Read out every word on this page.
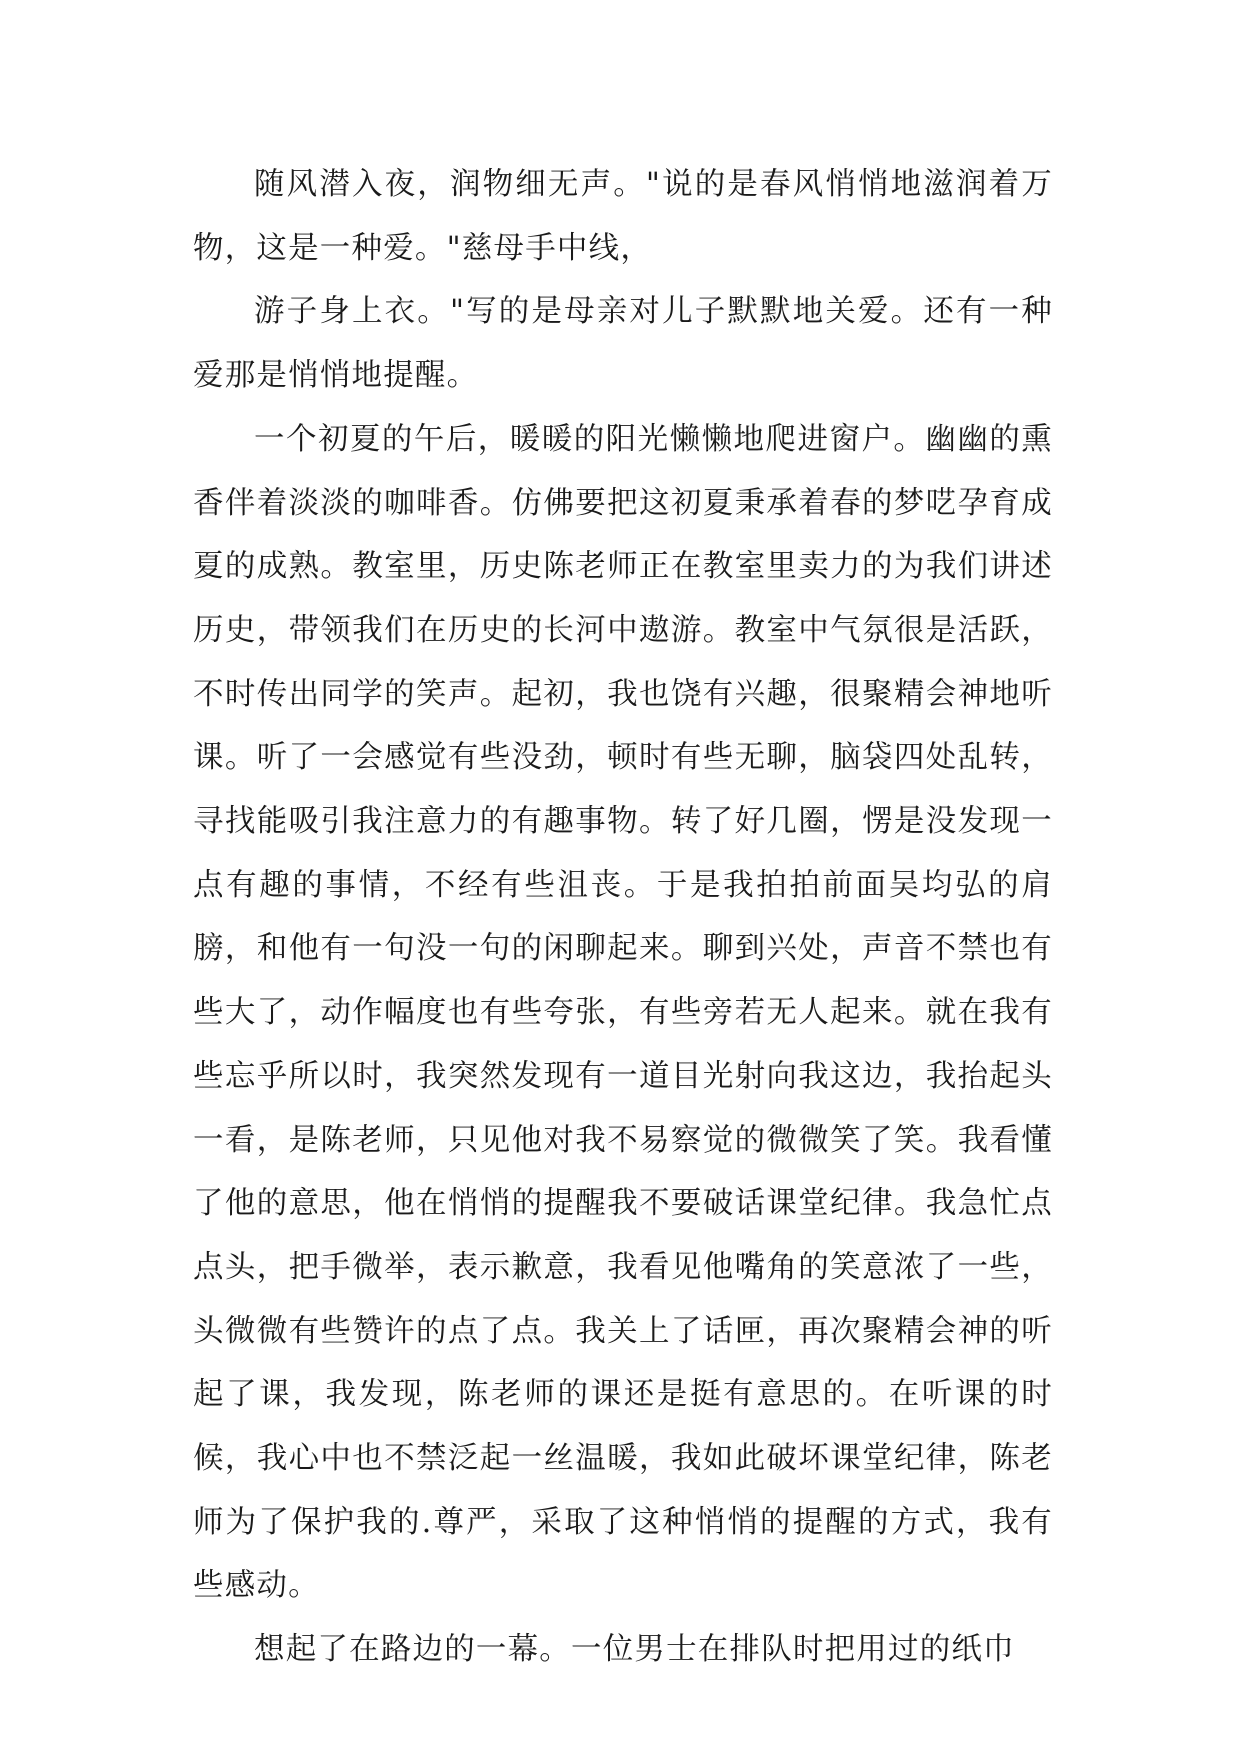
随风潜入夜，润物细无声。"说的是春风悄悄地滋润着万物，这是一种爱。"慈母手中线，

游子身上衣。"写的是母亲对儿子默默地关爱。还有一种爱那是悄悄地提醒。

一个初夏的午后，暖暖的阳光懒懒地爬进窗户。幽幽的熏香伴着淡淡的咖啡香。仿佛要把这初夏秉承着春的梦呓孕育成夏的成熟。教室里，历史陈老师正在教室里卖力的为我们讲述历史，带领我们在历史的长河中遨游。教室中气氛很是活跃，不时传出同学的笑声。起初，我也饶有兴趣，很聚精会神地听课。听了一会感觉有些没劲，顿时有些无聊，脑袋四处乱转，寻找能吸引我注意力的有趣事物。转了好几圈，愣是没发现一点有趣的事情，不经有些沮丧。于是我拍拍前面吴均弘的肩膀，和他有一句没一句的闲聊起来。聊到兴处，声音不禁也有些大了，动作幅度也有些夸张，有些旁若无人起来。就在我有些忘乎所以时，我突然发现有一道目光射向我这边，我抬起头一看，是陈老师，只见他对我不易察觉的微微笑了笑。我看懂了他的意思，他在悄悄的提醒我不要破话课堂纪律。我急忙点点头，把手微举，表示歉意，我看见他嘴角的笑意浓了一些，头微微有些赞许的点了点。我关上了话匣，再次聚精会神的听起了课，我发现，陈老师的课还是挺有意思的。在听课的时候，我心中也不禁泛起一丝温暖，我如此破坏课堂纪律，陈老师为了保护我的.尊严，采取了这种悄悄的提醒的方式，我有些感动。

想起了在路边的一幕。一位男士在排队时把用过的纸巾
